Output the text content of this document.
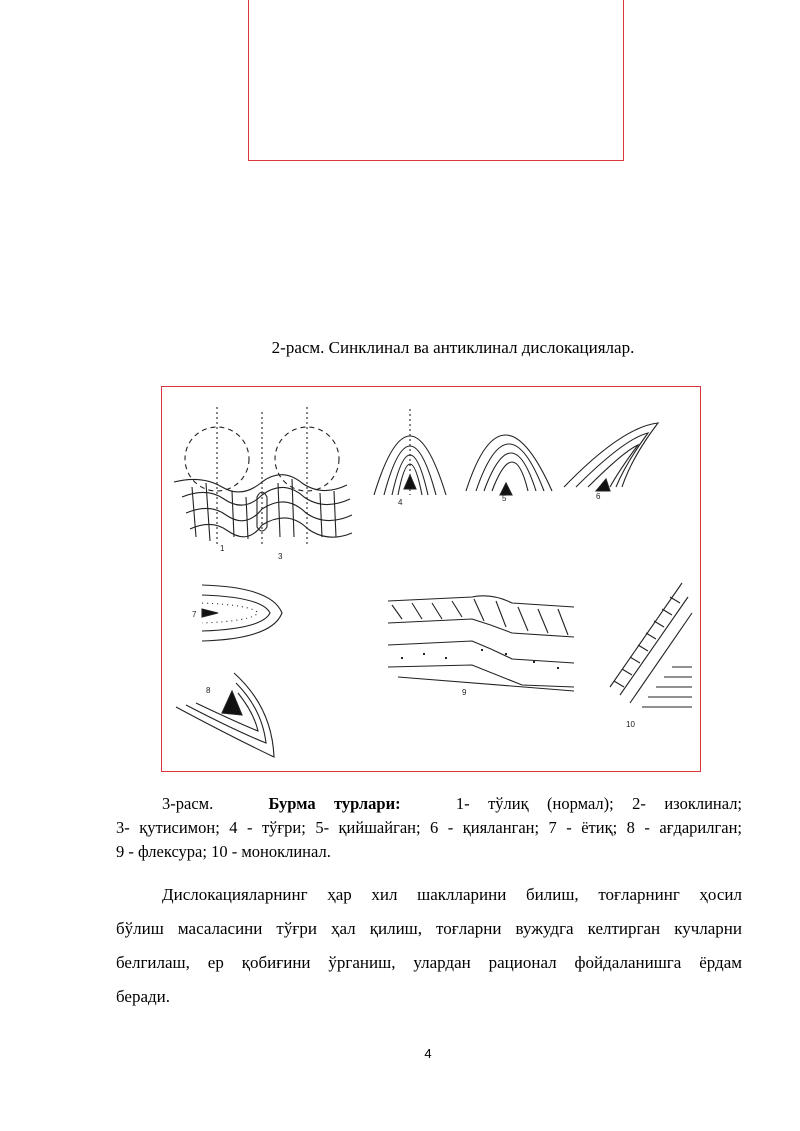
2-расм. Синклинал ва антиклинал дислокациялар.
1
3
4	5	6
7
8	9
10
3-расм.	Бурма турлари:	1- тўлиқ (нормал); 2- изоклинал;
3- қутисимон; 4 - тўғри; 5- қийшайган; 6 - қияланган; 7 - ётиқ; 8 - ағдарилган;
9 - флексура; 10 - моноклинал.
Дислокацияларнинг ҳар хил шаклларини билиш, тоғларнинг ҳосил
бўлиш масаласини тўғри ҳал қилиш, тоғларни вужудга келтирган кучларни
белгилаш, ер қобиғини ўрганиш, улардан рационал фойдаланишга ёрдам
беради.
4
